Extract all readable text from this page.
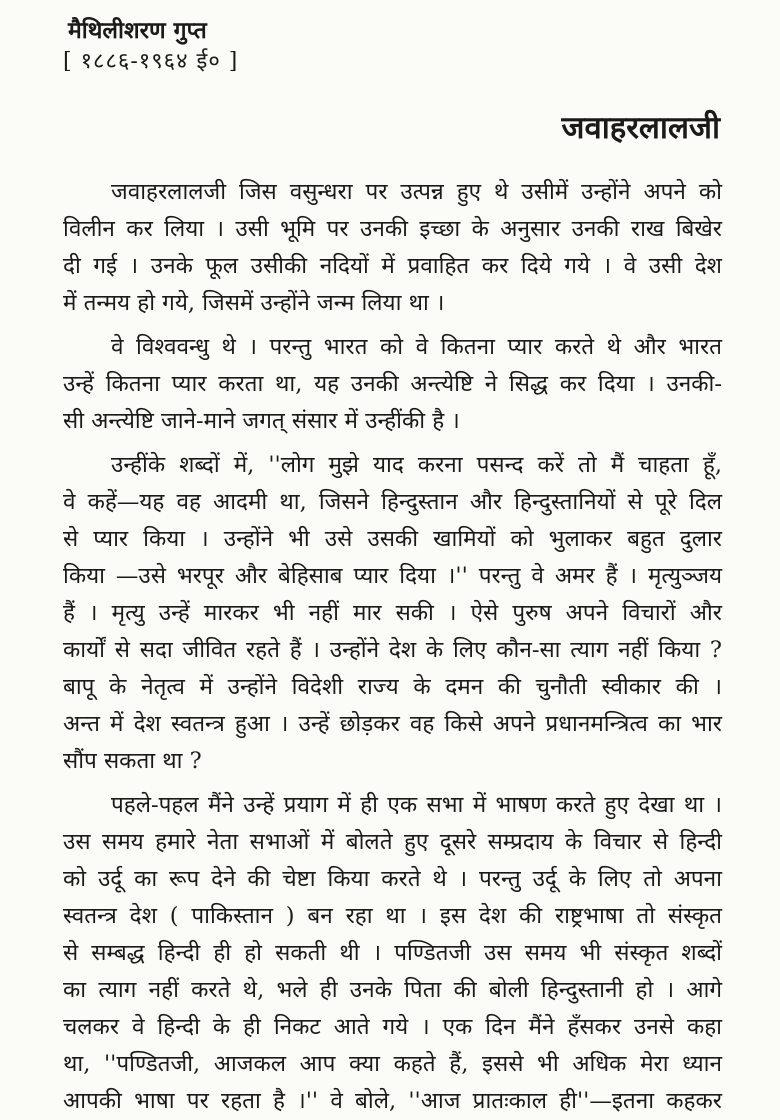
मैथिलीशरण गुप्त
[ १८८६-१९६४ ई० ]
जवाहरलालजी
जवाहरलालजी जिस वसुन्धरा पर उत्पन्न हुए थे उसीमें उन्होंने अपने को
विलीन कर लिया । उसी भूमि पर उनकी इच्छा के अनुसार उनकी राख बिखेर
दी गई । उनके फूल उसीकी नदियों में प्रवाहित कर दिये गये । वे उसी देश
में तन्मय हो गये, जिसमें उन्होंने जन्म लिया था ।
वे विश्ववन्धु थे । परन्तु भारत को वे कितना प्यार करते थे और भारत
उन्हें कितना प्यार करता था, यह उनकी अन्त्येष्टि ने सिद्ध कर दिया । उनकी-
सी अन्त्येष्टि जाने-माने जगत् संसार में उन्हींकी है ।
उन्हींके शब्दों में, ''लोग मुझे याद करना पसन्द करें तो मैं चाहता हूँ,
वे कहें—यह वह आदमी था, जिसने हिन्दुस्तान और हिन्दुस्तानियों से पूरे दिल
से प्यार किया । उन्होंने भी उसे उसकी खामियों को भुलाकर बहुत दुलार
किया —उसे भरपूर और बेहिसाब प्यार दिया ।'' परन्तु वे अमर हैं । मृत्युञ्जय
हैं । मृत्यु उन्हें मारकर भी नहीं मार सकी । ऐसे पुरुष अपने विचारों और
कार्यों से सदा जीवित रहते हैं । उन्होंने देश के लिए कौन-सा त्याग नहीं किया ?
बापू के नेतृत्व में उन्होंने विदेशी राज्य के दमन की चुनौती स्वीकार की ।
अन्त में देश स्वतन्त्र हुआ । उन्हें छोड़कर वह किसे अपने प्रधानमन्त्रित्व का भार
सौंप सकता था ?
पहले-पहल मैंने उन्हें प्रयाग में ही एक सभा में भाषण करते हुए देखा था ।
उस समय हमारे नेता सभाओं में बोलते हुए दूसरे सम्प्रदाय के विचार से हिन्दी
को उर्दू का रूप देने की चेष्टा किया करते थे । परन्तु उर्दू के लिए तो अपना
स्वतन्त्र देश ( पाकिस्तान ) बन रहा था । इस देश की राष्ट्रभाषा तो संस्कृत
से सम्बद्ध हिन्दी ही हो सकती थी । पण्डितजी उस समय भी संस्कृत शब्दों
का त्याग नहीं करते थे, भले ही उनके पिता की बोली हिन्दुस्तानी हो । आगे
चलकर वे हिन्दी के ही निकट आते गये । एक दिन मैंने हँसकर उनसे कहा
था, ''पण्डितजी, आजकल आप क्या कहते हैं, इससे भी अधिक मेरा ध्यान
आपकी भाषा पर रहता है ।'' वे बोले, ''आज प्रातःकाल ही''—इतना कहकर
